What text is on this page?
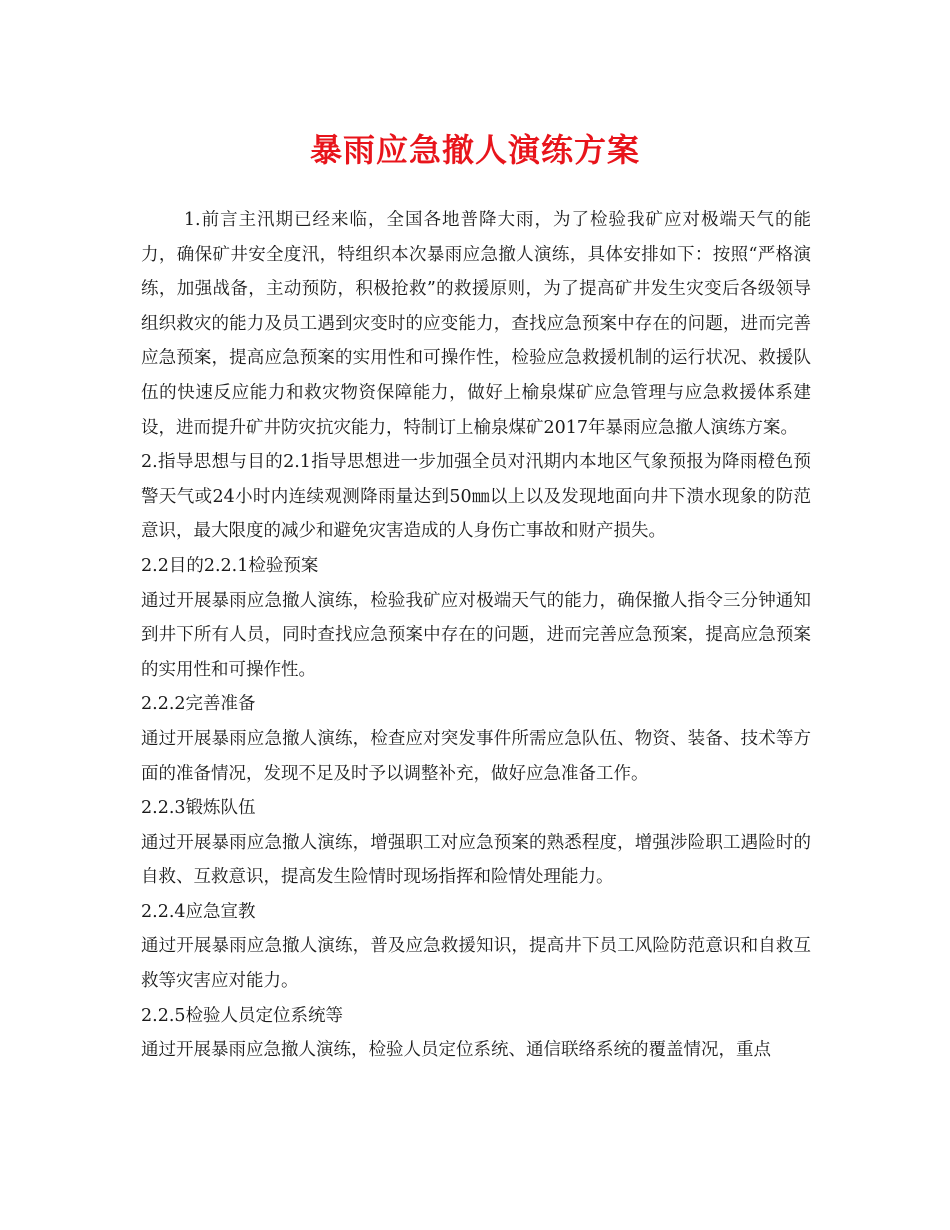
暴雨应急撤人演练方案

1.前言主汛期已经来临，全国各地普降大雨，为了检验我矿应对极端天气的能力，确保矿井安全度汛，特组织本次暴雨应急撤人演练，具体安排如下：按照“严格演练，加强战备，主动预防，积极抢救”的救援原则，为了提高矿井发生灾变后各级领导组织救灾的能力及员工遇到灾变时的应变能力，查找应急预案中存在的问题，进而完善应急预案，提高应急预案的实用性和可操作性，检验应急救援机制的运行状况、救援队伍的快速反应能力和救灾物资保障能力，做好上榆泉煤矿应急管理与应急救援体系建设，进而提升矿井防灾抗灾能力，特制订上榆泉煤矿2017年暴雨应急撤人演练方案。

2.指导思想与目的2.1指导思想进一步加强全员对汛期内本地区气象预报为降雨橙色预警天气或24小时内连续观测降雨量达到50㎜以上以及发现地面向井下溃水现象的防范意识，最大限度的减少和避免灾害造成的人身伤亡事故和财产损失。

2.2目的2.2.1检验预案

通过开展暴雨应急撤人演练，检验我矿应对极端天气的能力，确保撤人指令三分钟通知到井下所有人员，同时查找应急预案中存在的问题，进而完善应急预案，提高应急预案的实用性和可操作性。

2.2.2完善准备

通过开展暴雨应急撤人演练，检查应对突发事件所需应急队伍、物资、装备、技术等方面的准备情况，发现不足及时予以调整补充，做好应急准备工作。

2.2.3锻炼队伍

通过开展暴雨应急撤人演练，增强职工对应急预案的熟悉程度，增强涉险职工遇险时的自救、互救意识，提高发生险情时现场指挥和险情处理能力。

2.2.4应急宣教

通过开展暴雨应急撤人演练，普及应急救援知识，提高井下员工风险防范意识和自救互救等灾害应对能力。

2.2.5检验人员定位系统等

通过开展暴雨应急撤人演练，检验人员定位系统、通信联络系统的覆盖情况，重点
